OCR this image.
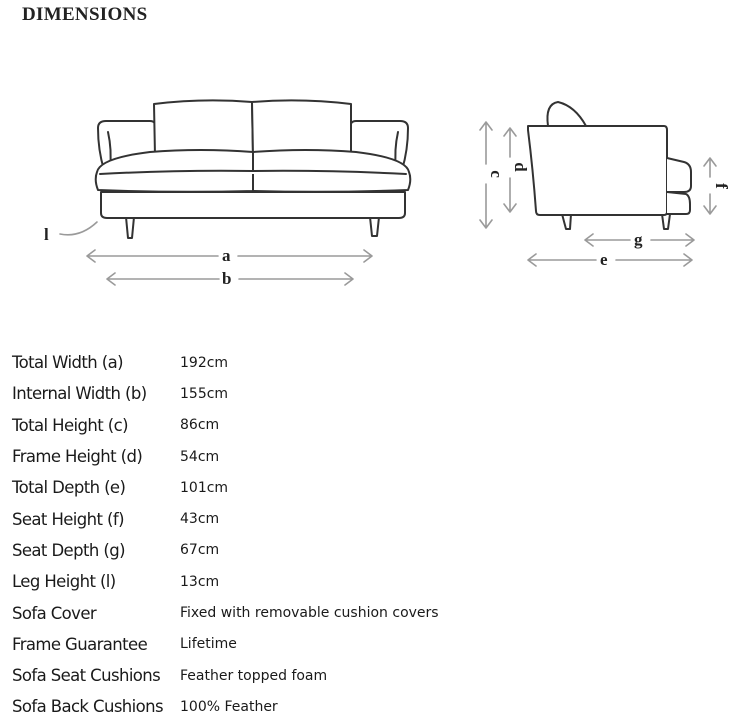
DIMENSIONS
l
a
b
c
d
f
g
e
Total Width (a)	192cm
Internal Width (b)	155cm
Total Height (c)	86cm
Frame Height (d)	54cm
Total Depth (e)	101cm
Seat Height (f)	43cm
Seat Depth (g)	67cm
Leg Height (l)	13cm
Sofa Cover	Fixed with removable cushion covers
Frame Guarantee	Lifetime
Sofa Seat Cushions	Feather topped foam
Sofa Back Cushions	100% Feather
